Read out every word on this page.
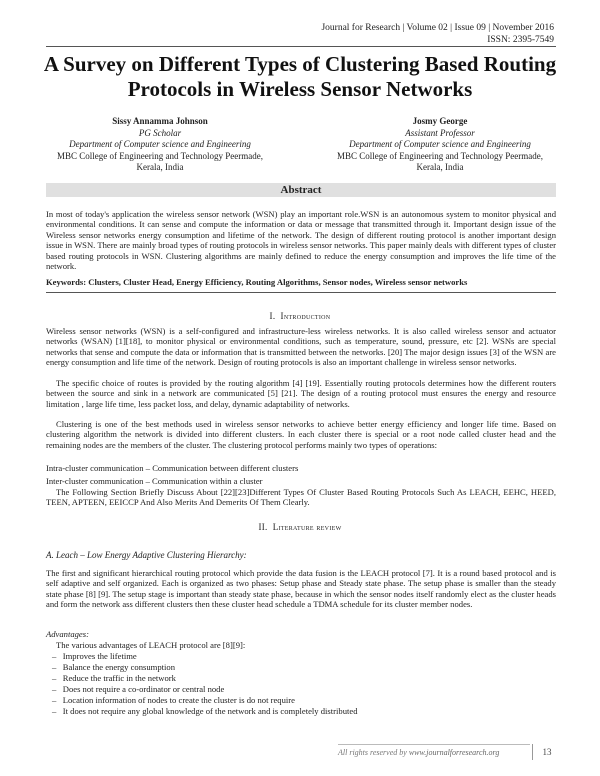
Journal for Research | Volume 02 | Issue 09 | November 2016
ISSN: 2395-7549
A Survey on Different Types of Clustering Based Routing Protocols in Wireless Sensor Networks
Sissy Annamma Johnson
PG Scholar
Department of Computer science and Engineering
MBC College of Engineering and Technology Peermade,
Kerala, India
Josmy George
Assistant Professor
Department of Computer science and Engineering
MBC College of Engineering and Technology Peermade,
Kerala, India
Abstract
In most of today's application the wireless sensor network (WSN) play an important role.WSN is an autonomous system to monitor physical and environmental conditions. It can sense and compute the information or data or message that transmitted through it. Important design issue of the Wireless sensor networks energy consumption and lifetime of the network. The design of different routing protocol is another important design issue in WSN. There are mainly broad types of routing protocols in wireless sensor networks. This paper mainly deals with different types of cluster based routing protocols in WSN. Clustering algorithms are mainly defined to reduce the energy consumption and improves the life time of the network.
Keywords: Clusters, Cluster Head, Energy Efficiency, Routing Algorithms, Sensor nodes, Wireless sensor networks
I. Introduction
Wireless sensor networks (WSN) is a self-configured and infrastructure-less wireless networks. It is also called wireless sensor and actuator networks (WSAN) [1][18], to monitor physical or environmental conditions, such as temperature, sound, pressure, etc [2]. WSNs are special networks that sense and compute the data or information that is transmitted between the networks. [20] The major design issues [3] of the WSN are energy consumption and life time of the network. Design of routing protocols is also an important challenge in wireless sensor networks.
The specific choice of routes is provided by the routing algorithm [4] [19]. Essentially routing protocols determines how the different routers between the source and sink in a network are communicated [5] [21]. The design of a routing protocol must ensures the energy and resource limitation , large life time, less packet loss, and delay, dynamic adaptability of networks.
Clustering is one of the best methods used in wireless sensor networks to achieve better energy efficiency and longer life time. Based on clustering algorithm the network is divided into different clusters. In each cluster there is special or a root node called cluster head and the remaining nodes are the members of the cluster. The clustering protocol performs mainly two types of operations:
Intra-cluster communication – Communication between different clusters
Inter-cluster communication – Communication within a cluster
The Following Section Briefly Discuss About [22][23]Different Types Of Cluster Based Routing Protocols Such As LEACH, EEHC, HEED, TEEN, APTEEN, EEICCP And Also Merits And Demerits Of Them Clearly.
II. Literature review
A. Leach – Low Energy Adaptive Clustering Hierarchy:
The first and significant hierarchical routing protocol which provide the data fusion is the LEACH protocol [7]. It is a round based protocol and is self adaptive and self organized. Each is organized as two phases: Setup phase and Steady state phase. The setup phase is smaller than the steady state phase [8] [9]. The setup stage is important than steady state phase, because in which the sensor nodes itself randomly elect as the cluster heads and form the network ass different clusters then these cluster head schedule a TDMA schedule for its cluster member nodes.
Advantages:
The various advantages of LEACH protocol are [8][9]:
–   Improves the lifetime
–   Balance the energy consumption
–   Reduce the traffic in the network
–   Does not require a co-ordinator or central node
–   Location information of nodes to create the cluster is do not require
–   It does not require any global knowledge of the network and is completely distributed
All rights reserved by www.journalforresearch.org	13
